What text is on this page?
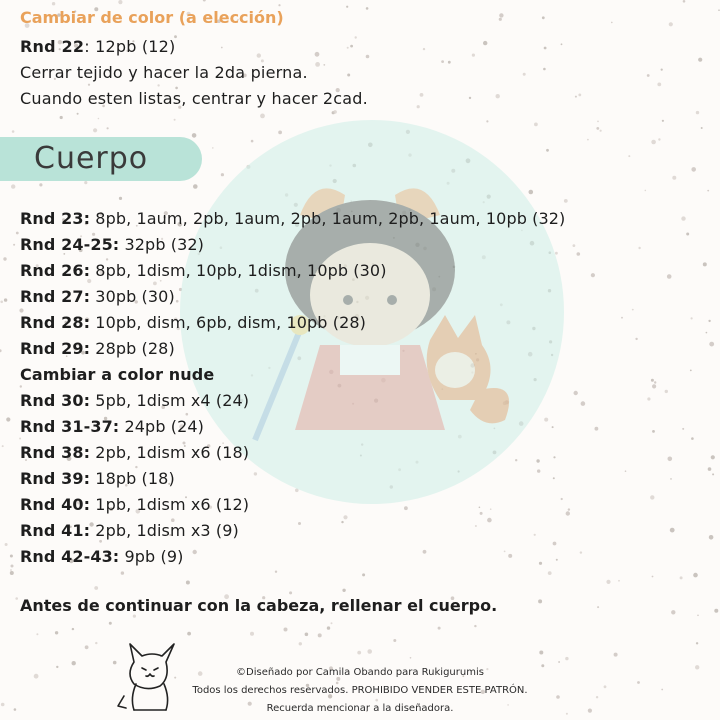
Cambiar de color (a elección)
Rnd 22: 12pb (12)
Cerrar tejido y hacer la 2da pierna.
Cuando esten listas, centrar y hacer 2cad.
Cuerpo
Rnd 23: 8pb, 1aum, 2pb, 1aum, 2pb, 1aum, 2pb, 1aum, 10pb (32)
Rnd 24-25: 32pb (32)
Rnd 26: 8pb, 1dism, 10pb, 1dism, 10pb (30)
Rnd 27: 30pb (30)
Rnd 28: 10pb, dism, 6pb, dism, 10pb (28)
Rnd 29: 28pb (28)
Cambiar a color nude
Rnd 30: 5pb, 1dism x4 (24)
Rnd 31-37: 24pb (24)
Rnd 38: 2pb, 1dism x6 (18)
Rnd 39: 18pb (18)
Rnd 40: 1pb, 1dism x6 (12)
Rnd 41: 2pb, 1dism x3 (9)
Rnd 42-43: 9pb (9)
Antes de continuar con la cabeza, rellenar el cuerpo.
©Diseñado por Camila Obando para Rukigurumis
Todos los derechos reservados. PROHIBIDO VENDER ESTE PATRÓN.
Recuerda mencionar a la diseñadora.
